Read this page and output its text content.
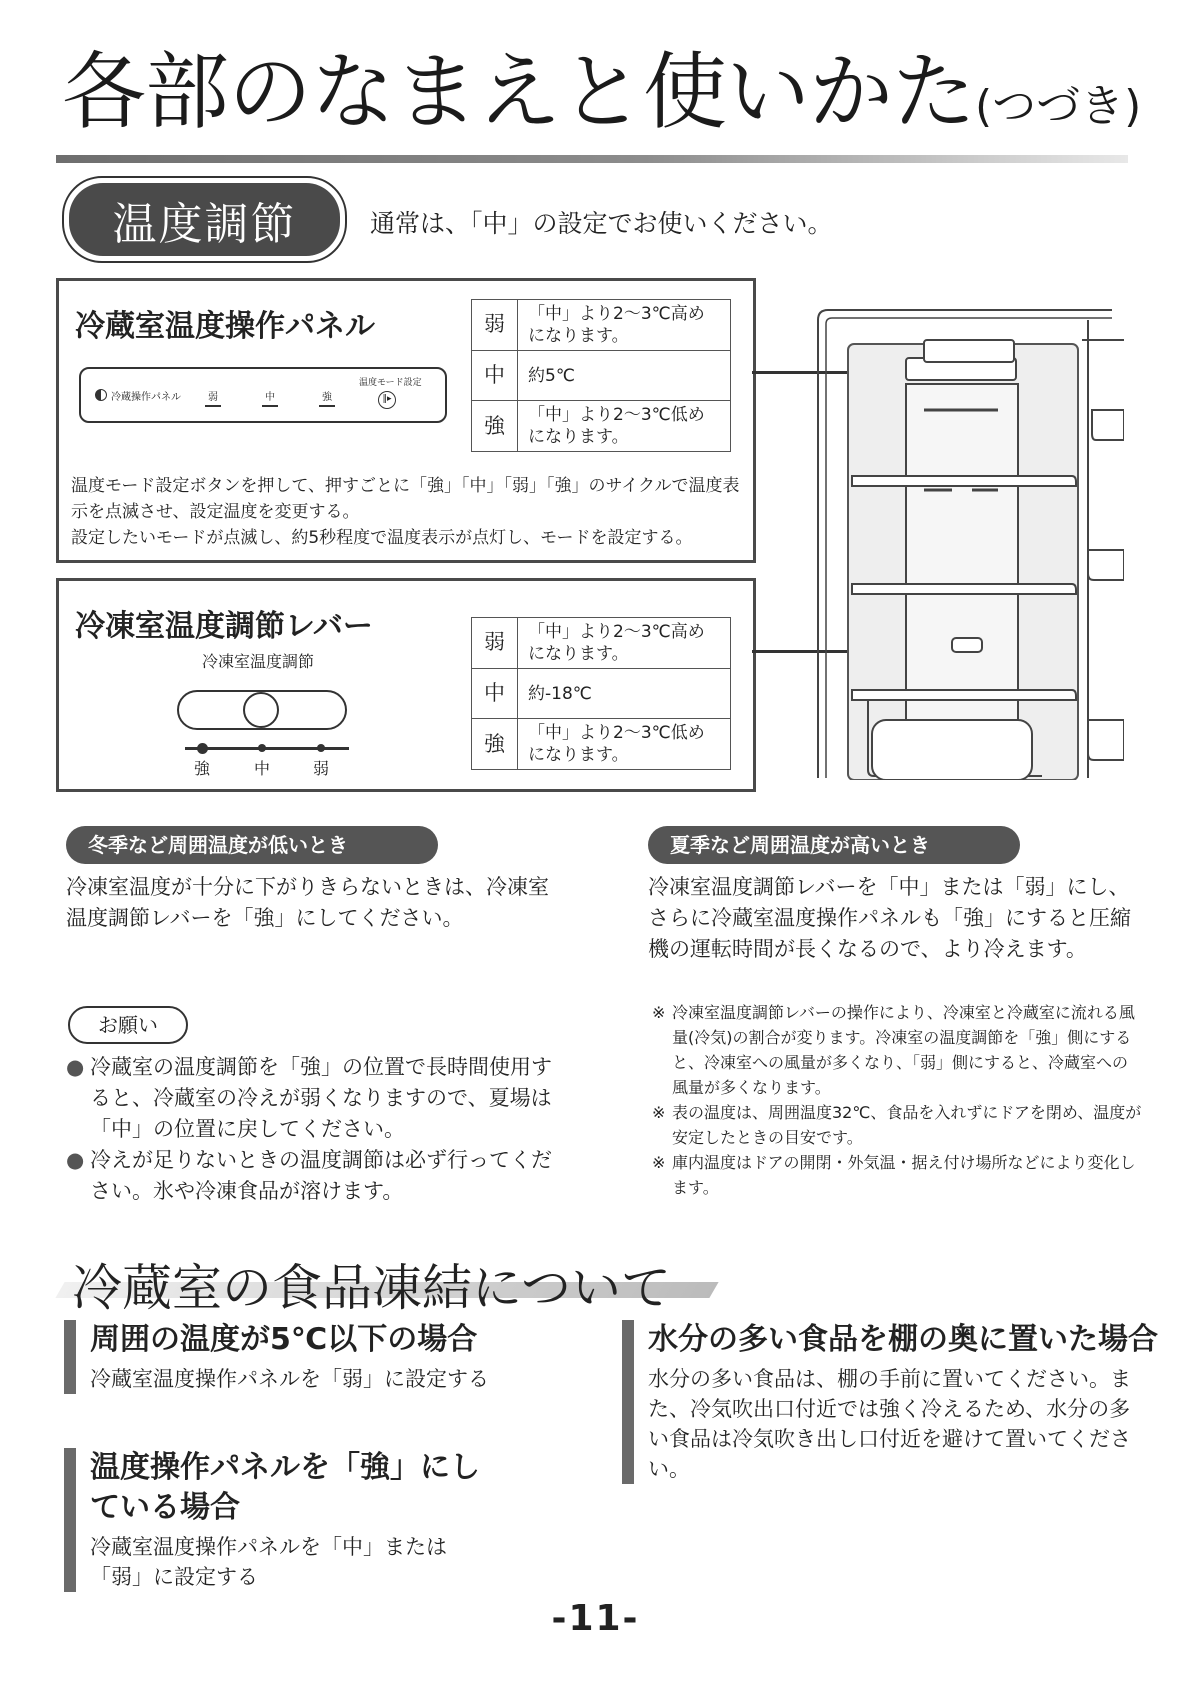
各部のなまえと使いかた(つづき)
温度調節	通常は、「中」の設定でお使いください。
冷蔵室温度操作パネル
冷蔵操作パネル	弱	中	強
温度モード設定
‖▸
弱	「中」より2〜3℃高めになります。
中	約5℃
強	「中」より2〜3℃低めになります。
温度モード設定ボタンを押して、押すごとに「強」「中」「弱」「強」のサイクルで温度表示を点滅させ、設定温度を変更する。
設定したいモードが点滅し、約5秒程度で温度表示が点灯し、モードを設定する。
冷凍室温度調節レバー
冷凍室温度調節
強	中	弱
弱	「中」より2〜3℃高めになります。
中	約-18℃
強	「中」より2〜3℃低めになります。
冬季など周囲温度が低いとき
冷凍室温度が十分に下がりきらないときは、冷凍室温度調節レバーを「強」にしてください。
夏季など周囲温度が高いとき
冷凍室温度調節レバーを「中」または「弱」にし、さらに冷蔵室温度操作パネルも「強」にすると圧縮機の運転時間が長くなるので、より冷えます。
お願い
● 冷蔵室の温度調節を「強」の位置で長時間使用すると、冷蔵室の冷えが弱くなりますので、夏場は「中」の位置に戻してください。
● 冷えが足りないときの温度調節は必ず行ってください。氷や冷凍食品が溶けます。
※ 冷凍室温度調節レバーの操作により、冷凍室と冷蔵室に流れる風量(冷気)の割合が変ります。冷凍室の温度調節を「強」側にすると、冷凍室への風量が多くなり、「弱」側にすると、冷蔵室への風量が多くなります。
※ 表の温度は、周囲温度32℃、食品を入れずにドアを閉め、温度が安定したときの目安です。
※ 庫内温度はドアの開閉・外気温・据え付け場所などにより変化します。
冷蔵室の食品凍結について
周囲の温度が5℃以下の場合

冷蔵室温度操作パネルを「弱」に設定する

温度操作パネルを「強」にしている場合

冷蔵室温度操作パネルを「中」または「弱」に設定する

水分の多い食品を棚の奥に置いた場合

水分の多い食品は、棚の手前に置いてください。また、冷気吹出口付近では強く冷えるため、水分の多い食品は冷気吹き出し口付近を避けて置いてください。

-11-
